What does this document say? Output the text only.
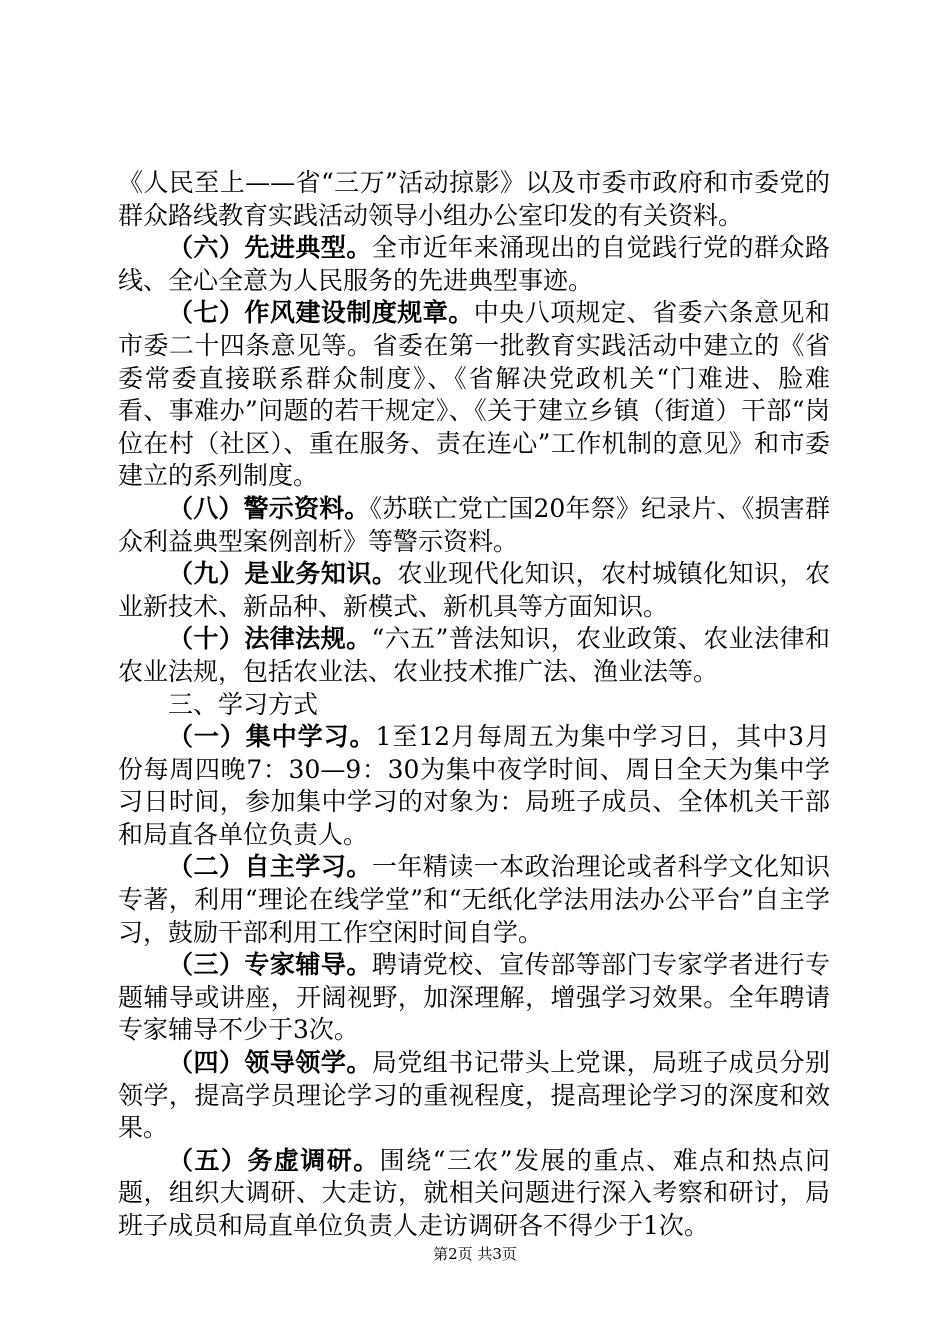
《人民至上——省“三万”活动掠影》以及市委市政府和市委党的群众路线教育实践活动领导小组办公室印发的有关资料。

（六）先进典型。全市近年来涌现出的自觉践行党的群众路线、全心全意为人民服务的先进典型事迹。

（七）作风建设制度规章。中央八项规定、省委六条意见和市委二十四条意见等。省委在第一批教育实践活动中建立的《省委常委直接联系群众制度》、《省解决党政机关“门难进、脸难看、事难办”问题的若干规定》、《关于建立乡镇（街道）干部“岗位在村（社区）、重在服务、责在连心”工作机制的意见》和市委建立的系列制度。

（八）警示资料。《苏联亡党亡国20年祭》纪录片、《损害群众利益典型案例剖析》等警示资料。

（九）是业务知识。农业现代化知识，农村城镇化知识，农业新技术、新品种、新模式、新机具等方面知识。

（十）法律法规。“六五”普法知识，农业政策、农业法律和农业法规，包括农业法、农业技术推广法、渔业法等。

三、学习方式

（一）集中学习。1至12月每周五为集中学习日，其中3月份每周四晚7：30—9：30为集中夜学时间、周日全天为集中学习日时间，参加集中学习的对象为：局班子成员、全体机关干部和局直各单位负责人。

（二）自主学习。一年精读一本政治理论或者科学文化知识专著，利用“理论在线学堂”和“无纸化学法用法办公平台”自主学习，鼓励干部利用工作空闲时间自学。

（三）专家辅导。聘请党校、宣传部等部门专家学者进行专题辅导或讲座，开阔视野，加深理解，增强学习效果。全年聘请专家辅导不少于3次。

（四）领导领学。局党组书记带头上党课，局班子成员分别领学，提高学员理论学习的重视程度，提高理论学习的深度和效果。

（五）务虚调研。围绕“三农”发展的重点、难点和热点问题，组织大调研、大走访，就相关问题进行深入考察和研讨，局班子成员和局直单位负责人走访调研各不得少于1次。

第2页 共3页
